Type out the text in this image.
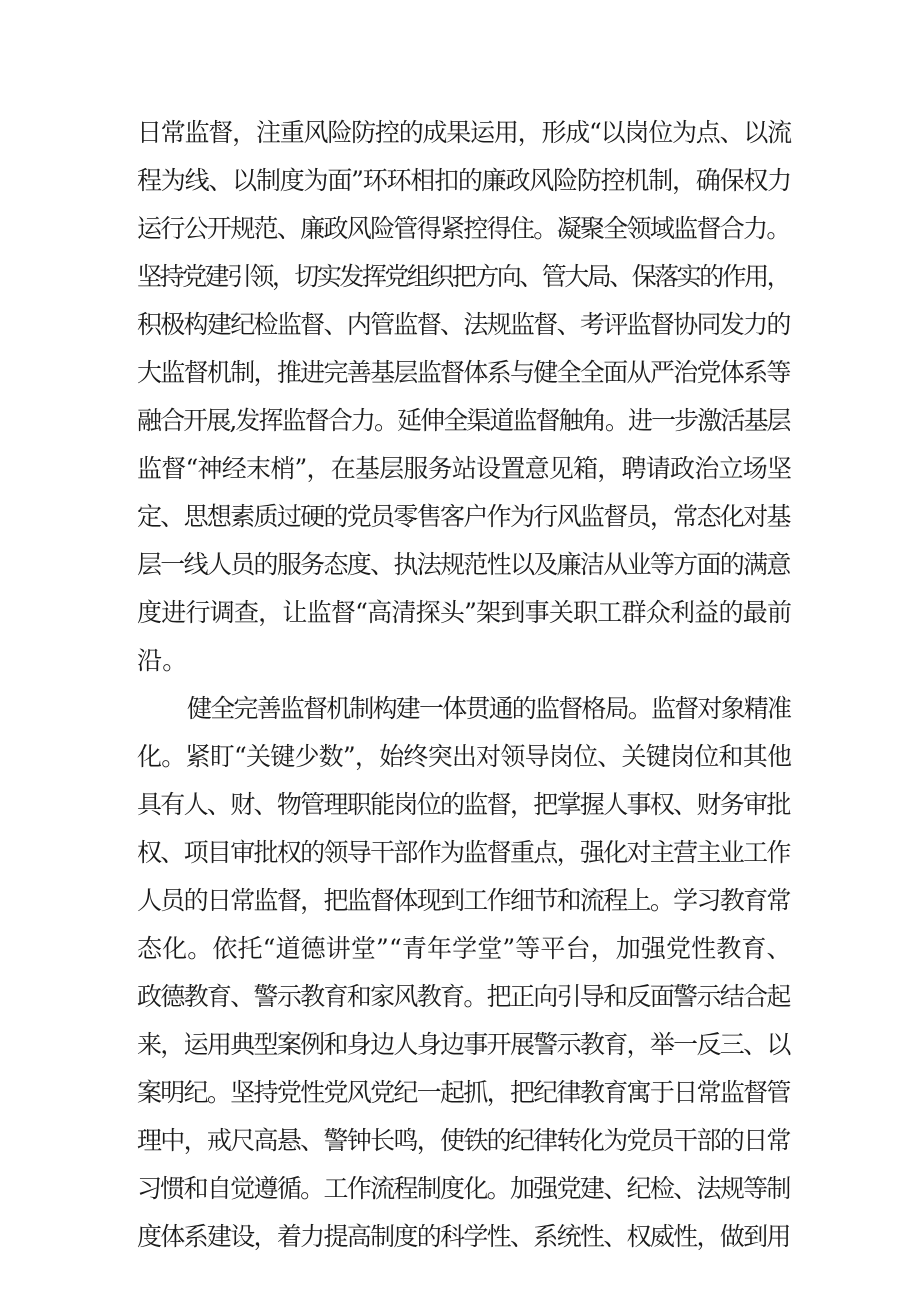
日常监督，注重风险防控的成果运用，形成“以岗位为点、以流
程为线、以制度为面”环环相扣的廉政风险防控机制，确保权力
运行公开规范、廉政风险管得紧控得住。凝聚全领域监督合力。
坚持党建引领，切实发挥党组织把方向、管大局、保落实的作用，
积极构建纪检监督、内管监督、法规监督、考评监督协同发力的
大监督机制，推进完善基层监督体系与健全全面从严治党体系等
融合开展,发挥监督合力。延伸全渠道监督触角。进一步激活基层
监督“神经末梢”，在基层服务站设置意见箱，聘请政治立场坚
定、思想素质过硬的党员零售客户作为行风监督员，常态化对基
层一线人员的服务态度、执法规范性以及廉洁从业等方面的满意
度进行调查，让监督“高清探头”架到事关职工群众利益的最前
沿。
健全完善监督机制构建一体贯通的监督格局。监督对象精准
化。紧盯“关键少数”，始终突出对领导岗位、关键岗位和其他
具有人、财、物管理职能岗位的监督，把掌握人事权、财务审批
权、项目审批权的领导干部作为监督重点，强化对主营主业工作
人员的日常监督，把监督体现到工作细节和流程上。学习教育常
态化。依托“道德讲堂”“青年学堂”等平台，加强党性教育、
政德教育、警示教育和家风教育。把正向引导和反面警示结合起
来，运用典型案例和身边人身边事开展警示教育，举一反三、以
案明纪。坚持党性党风党纪一起抓，把纪律教育寓于日常监督管
理中，戒尺高悬、警钟长鸣，使铁的纪律转化为党员干部的日常
习惯和自觉遵循。工作流程制度化。加强党建、纪检、法规等制
度体系建设，着力提高制度的科学性、系统性、权威性，做到用
